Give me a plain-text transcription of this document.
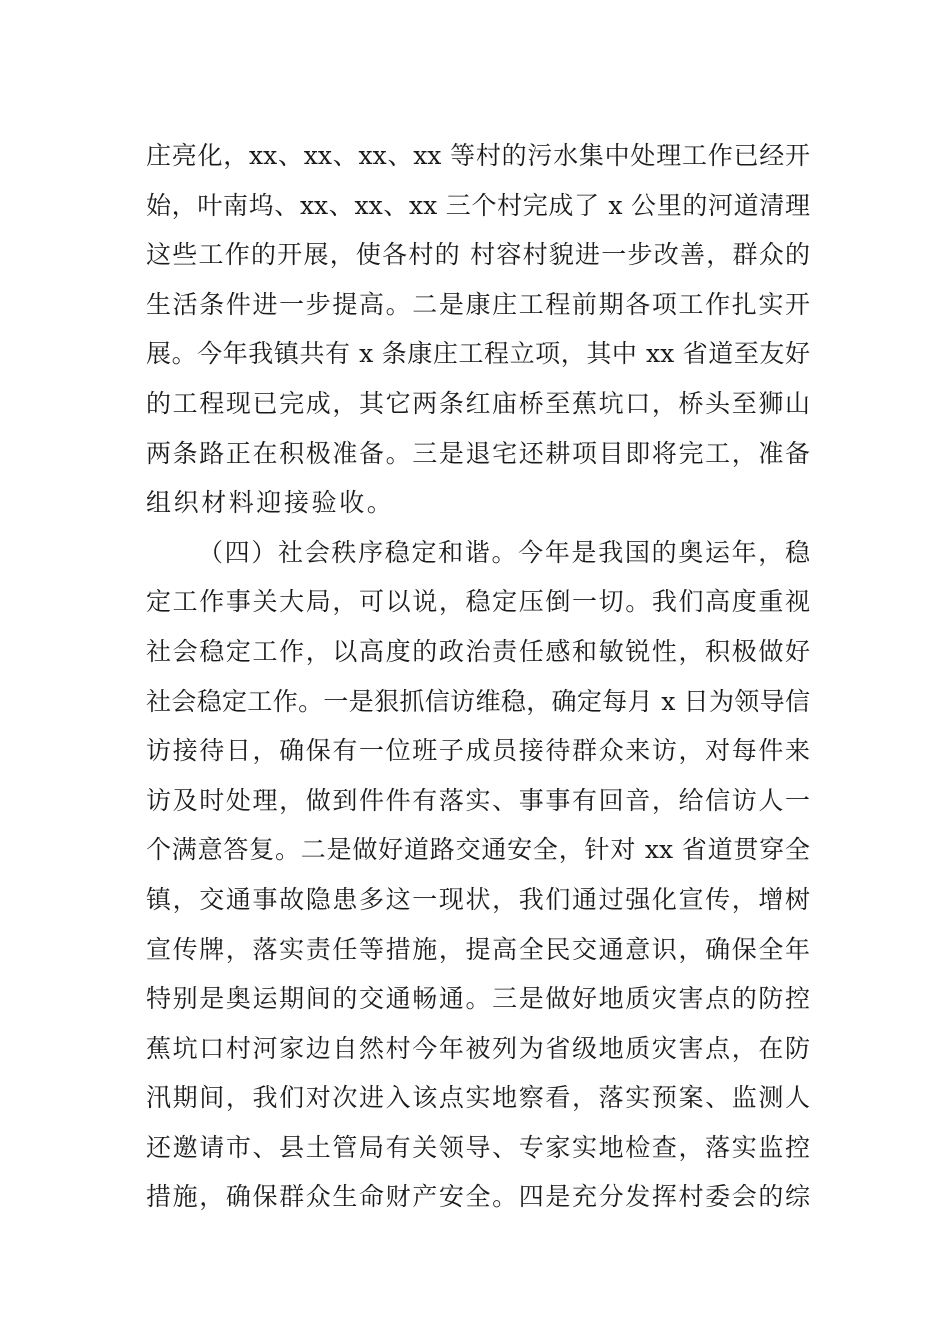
庄亮化，xx、xx、xx、xx 等村的污水集中处理工作已经开
始，叶南坞、xx、xx、xx 三个村完成了 x 公里的河道清理
这些工作的开展，使各村的 村容村貌进一步改善，群众的
生活条件进一步提高。二是康庄工程前期各项工作扎实开
展。今年我镇共有 x 条康庄工程立项，其中 xx 省道至友好
的工程现已完成，其它两条红庙桥至蕉坑口，桥头至狮山
两条路正在积极准备。三是退宅还耕项目即将完工，准备
组织材料迎接验收。
（四）社会秩序稳定和谐。今年是我国的奥运年，稳
定工作事关大局，可以说，稳定压倒一切。我们高度重视
社会稳定工作，以高度的政治责任感和敏锐性，积极做好
社会稳定工作。一是狠抓信访维稳，确定每月 x 日为领导信
访接待日，确保有一位班子成员接待群众来访，对每件来
访及时处理，做到件件有落实、事事有回音，给信访人一
个满意答复。二是做好道路交通安全，针对 xx 省道贯穿全
镇，交通事故隐患多这一现状，我们通过强化宣传，增树
宣传牌，落实责任等措施，提高全民交通意识，确保全年
特别是奥运期间的交通畅通。三是做好地质灾害点的防控
蕉坑口村河家边自然村今年被列为省级地质灾害点，在防
汛期间，我们对次进入该点实地察看，落实预案、监测人
还邀请市、县土管局有关领导、专家实地检查，落实监控
措施，确保群众生命财产安全。四是充分发挥村委会的综
